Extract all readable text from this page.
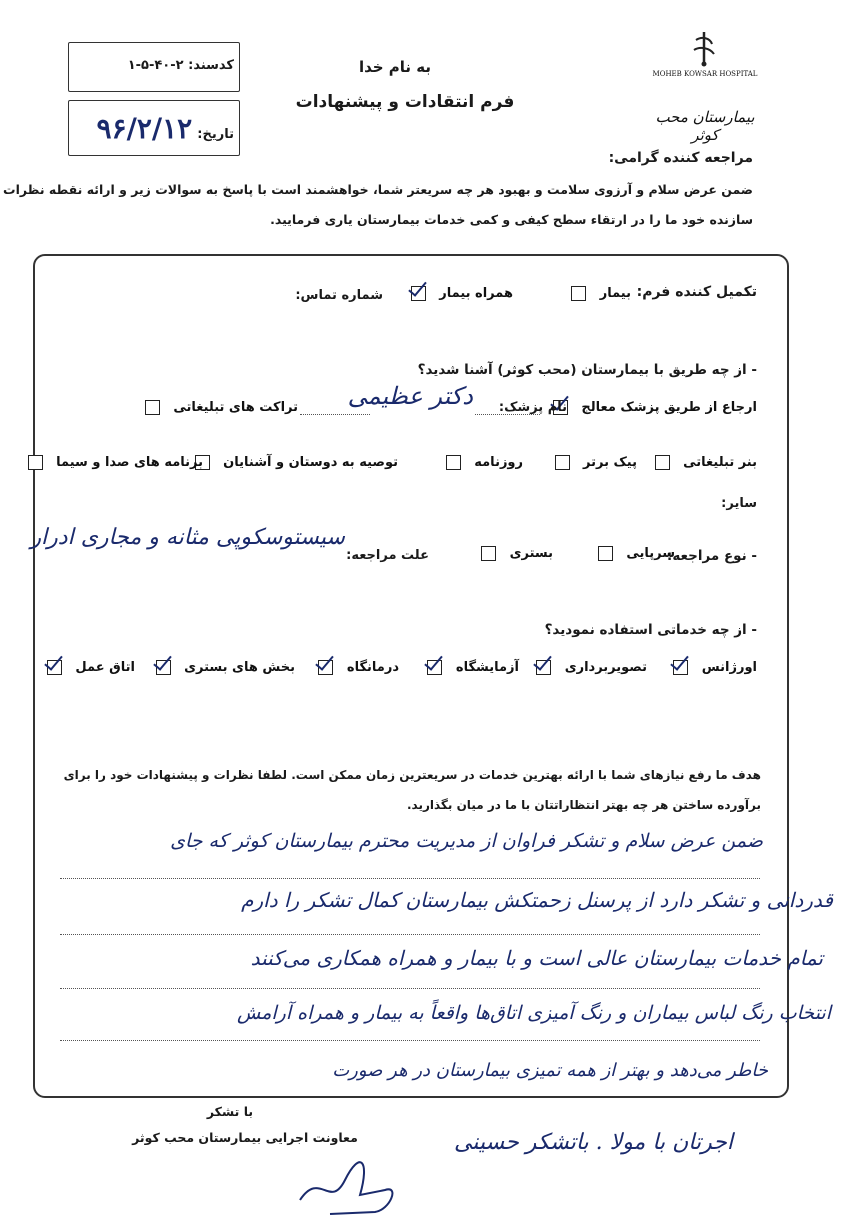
کدسند: ۲-۴۰-۵-۱
تاریخ: ۹۶/۲/۱۲
به نام خدا
فرم انتقادات و پیشنهادات
MOHEB KOWSAR HOSPITAL
بیمارستان محب کوثر
مراجعه کننده گرامی:
ضمن عرض سلام و آرزوی سلامت و بهبود هر چه سریعتر شما، خواهشمند است با پاسخ به سوالات زیر و ارائه نقطه نظرات
سازنده خود ما را در ارتقاء سطح کیفی و کمی خدمات بیمارستان یاری فرمایید.
تکمیل کننده فرم:
بیمار
همراه بیمار
شماره تماس:
- از چه طریق با بیمارستان (محب کوثر) آشنا شدید؟
ارجاع از طریق پزشک معالج
نام پزشک:
دکتر عظیمی
تراکت های تبلیغاتی
بنر تبلیغاتی
پیک برتر
روزنامه
توصیه به دوستان و آشنایان
برنامه های صدا و سیما
سایر:
- نوع مراجعه:
سرپایی
بستری
علت مراجعه:
سیستوسکوپی مثانه و مجاری ادرار
- از چه خدماتی استفاده نمودید؟
اورژانس
تصویربرداری
آزمایشگاه
درمانگاه
بخش های بستری
اتاق عمل
هدف ما رفع نیازهای شما با ارائه بهترین خدمات در سریعترین زمان ممکن است. لطفا نظرات و پیشنهادات خود را برای
برآورده ساختن هر چه بهتر انتظاراتتان با ما در میان بگذارید.
ضمن عرض سلام و تشکر فراوان از مدیریت محترم بیمارستان کوثر که جای
قدردانی و تشکر دارد از پرسنل زحمتکش بیمارستان کمال تشکر را دارم
تمام خدمات بیمارستان عالی است و با بیمار و همراه همکاری می‌کنند
انتخاب رنگ لباس بیماران و رنگ آمیزی اتاق‌ها واقعاً به بیمار و همراه آرامش
خاطر می‌دهد و بهتر از همه تمیزی بیمارستان در هر صورت
اجرتان با مولا . باتشکر حسینی
با تشکر
معاونت اجرایی بیمارستان محب کوثر
